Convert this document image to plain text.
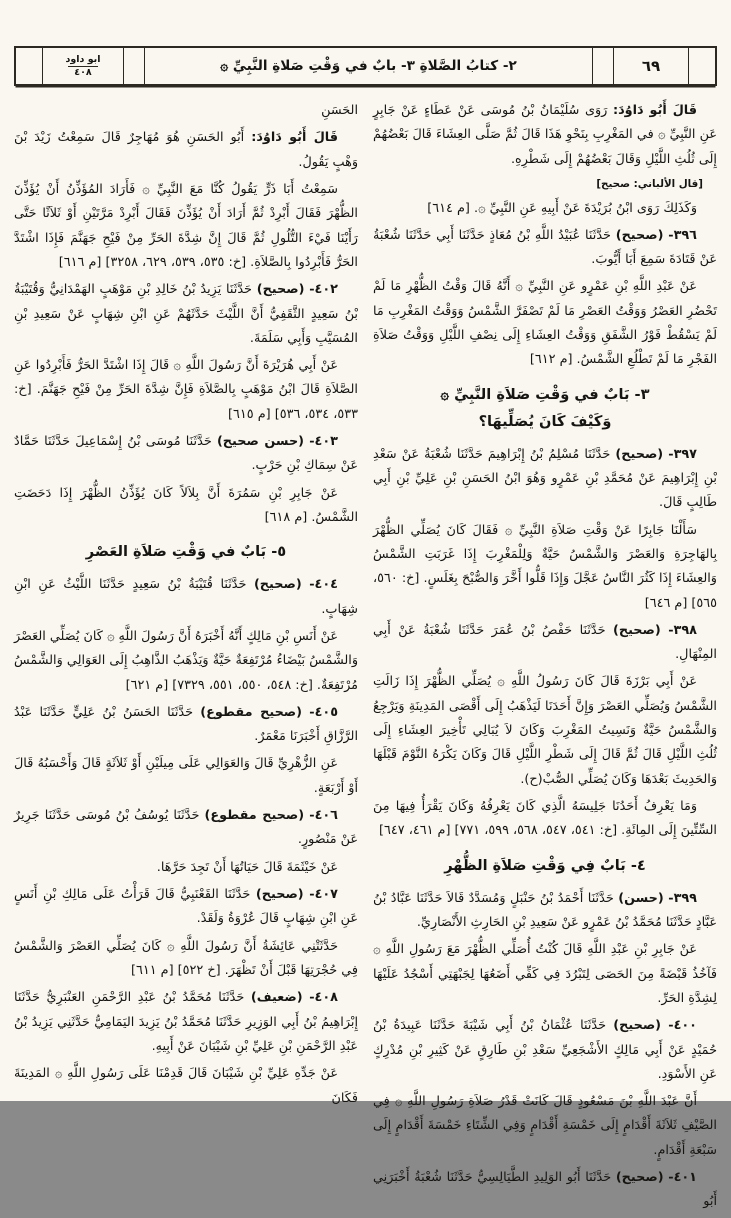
٦٩
٢- كتابُ الصَّلاةِ ٣- بابٌ في وَقْتِ صَلاةِ النَّبِيِّ ۞
ابو داود
٤٠٨

قَالَ أَبُو دَاوُدَ: رَوَى سُلَيْمَانُ بْنُ مُوسَى عَنْ عَطَاءٍ عَنْ جَابِرٍ عَنِ النَّبِيِّ ۞ في المَغْرِبِ بِنَحْوِ هَذَا قَالَ ثُمَّ صَلَّى العِشَاءَ قَالَ بَعْضُهُمْ إِلَى ثُلُثِ اللَّيْلِ وَقَالَ بَعْضُهُمْ إِلَى شَطْرِهِ.

[قال الألباني: صحيح]

وَكَذَلِكَ رَوَى ابْنُ بُرَيْدَةَ عَنْ أَبِيهِ عَنِ النَّبِيِّ ۞. [م ٦١٤]

٣٩٦- (صحيح) حَدَّثَنَا عُبَيْدُ اللَّهِ بْنُ مُعَاذٍ حَدَّثَنَا أَبِي حَدَّثَنَا شُعْبَةُ عَنْ قَتَادَةَ سَمِعَ أَبَا أَيُّوبَ.

عَنْ عَبْدِ اللَّهِ بْنِ عَمْرٍو عَنِ النَّبِيِّ ۞ أَنَّهُ قَالَ وَقْتُ الظُّهْرِ مَا لَمْ تَحْضُرِ العَصْرُ وَوَقْتُ العَصْرِ مَا لَمْ تَصْفَرَّ الشَّمْسُ وَوَقْتُ المَغْرِبِ مَا لَمْ يَسْقُطْ فَوْرُ الشَّفَقِ وَوَقْتُ العِشَاءِ إِلَى نِصْفِ اللَّيْلِ وَوَقْتُ صَلاَةِ الفَجْرِ مَا لَمْ تَطْلُعِ الشَّمْسُ. [م ٦١٢]

٣- بَابٌ في وَقْتِ صَلاَةِ النَّبِيِّ ۞
وَكَيْفَ كَانَ يُصَلِّيهَا؟

٣٩٧- (صحيح) حَدَّثَنَا مُسْلِمُ بْنُ إِبْرَاهِيمَ حَدَّثَنَا شُعْبَةُ عَنْ سَعْدِ بْنِ إِبْرَاهِيمَ عَنْ مُحَمَّدِ بْنِ عَمْرٍو وَهُوَ ابْنُ الحَسَنِ بْنِ عَلِيِّ بْنِ أَبِي طَالِبٍ قَالَ.

سَأَلْنَا جَابِرًا عَنْ وَقْتِ صَلاَةِ النَّبِيِّ ۞ فَقَالَ كَانَ يُصَلِّي الظُّهْرَ بِالهَاجِرَةِ وَالعَصْرَ وَالشَّمْسُ حَيَّةٌ وَلِلْمَغْرِبَ إِذَا غَرَبَتِ الشَّمْسُ وَالعِشَاءَ إِذَا كَثُرَ النَّاسُ عَجَّلَ وَإِذَا قَلُّوا أَخَّرَ وَالصُّبْحَ بِغَلَسٍ. [خ: ٥٦٠، ٥٦٥] [م ٦٤٦]

٣٩٨- (صحيح) حَدَّثَنَا حَفْصُ بْنُ عُمَرَ حَدَّثَنَا شُعْبَةُ عَنْ أَبِي المِنْهَالِ.

عَنْ أَبِي بَرْزَةَ قَالَ كَانَ رَسُولُ اللَّهِ ۞ يُصَلِّي الظُّهْرَ إِذَا زَالَتِ الشَّمْسُ وَيُصَلِّي العَصْرَ وَإِنَّ أَحَدَنَا لَيَذْهَبُ إِلَى أَقْصَى المَدِينَةِ وَيَرْجِعُ وَالشَّمْسُ حَيَّةٌ وَنَسِيتُ المَغْرِبَ وَكَانَ لاَ يُبَالِي تَأْخِيرَ العِشَاءِ إِلَى ثُلُثِ اللَّيْلِ قَالَ ثُمَّ قَالَ إِلَى شَطْرِ اللَّيْلِ قَالَ وَكَانَ يَكْرَهُ النَّوْمَ قَبْلَهَا وَالحَدِيثَ بَعْدَهَا وَكَانَ يُصَلِّي الصُّبْ(ح).

وَمَا يَعْرِفُ أَحَدُنَا جَلِيسَهُ الَّذِي كَانَ يَعْرِفُهُ وَكَانَ يَقْرَأُ فِيهَا مِنَ السِّتِّينَ إِلَى المِائَةِ. [خ: ٥٤١، ٥٤٧، ٥٦٨، ٥٩٩، ٧٧١] [م ٤٦١، ٦٤٧]

٤- بَابٌ فِي وَقْتِ صَلاَةِ الظُّهْرِ

٣٩٩- (حسن) حَدَّثَنَا أَحْمَدُ بْنُ حَنْبَلٍ وَمُسَدَّدٌ قَالاَ حَدَّثَنَا عَبَّادُ بْنُ عَبَّادٍ حَدَّثَنَا مُحَمَّدُ بْنُ عَمْرٍو عَنْ سَعِيدِ بْنِ الحَارِثِ الأَنْصَارِيِّ.

عَنْ جَابِرِ بْنِ عَبْدِ اللَّهِ قَالَ كُنْتُ أُصَلِّي الظُّهْرَ مَعَ رَسُولِ اللَّهِ ۞ فَآخُذُ قَبْضَةً مِنَ الحَصَى لِتَبْرُدَ فِي كَفِّي أَضَعُهَا لِجَبْهَتِي أَسْجُدُ عَلَيْهَا لِشِدَّةِ الحَرِّ.

٤٠٠- (صحيح) حَدَّثَنَا عُثْمَانُ بْنُ أَبِي شَيْبَةَ حَدَّثَنَا عَبِيدَةُ بْنُ حُمَيْدٍ عَنْ أَبِي مَالِكٍ الأَشْجَعِيِّ سَعْدِ بْنِ طَارِقٍ عَنْ كَثِيرِ بْنِ مُدْرِكٍ عَنِ الأَسْوَدِ.

أَنَّ عَبْدَ اللَّهِ بْنَ مَسْعُودٍ قَالَ كَانَتْ قَدْرُ صَلاَةِ رَسُولِ اللَّهِ ۞ فِي الصَّيْفِ ثَلاَثَةَ أَقْدَامٍ إِلَى خَمْسَةِ أَقْدَامٍ وَفِي الشِّتَاءِ خَمْسَةَ أَقْدَامٍ إِلَى سَبْعَةِ أَقْدَامٍ.

٤٠١- (صحيح) حَدَّثَنَا أَبُو الوَلِيدِ الطَّيَالِسِيُّ حَدَّثَنَا شُعْبَةُ أَخْبَرَنِي أَبُو

الحَسَنِ

قَالَ أَبُو دَاوُدَ: أَبُو الحَسَنِ هُوَ مُهَاجِرٌ قَالَ سَمِعْتُ زَيْدَ بْنَ وَهْبٍ يَقُولُ.

سَمِعْتُ أَبَا ذَرٍّ يَقُولُ كُنَّا مَعَ النَّبِيِّ ۞ فَأَرَادَ المُؤَذِّنُ أَنْ يُؤَذِّنَ الظُّهْرَ فَقَالَ أَبْرِدْ ثُمَّ أَرَادَ أَنْ يُؤَذِّنَ فَقَالَ أَبْرِدْ مَرَّتَيْنِ أَوْ ثَلاَثًا حَتَّى رَأَيْنَا فَيْءَ التُّلُولِ ثُمَّ قَالَ إِنَّ شِدَّةَ الحَرِّ مِنْ فَيْحِ جَهَنَّمَ فَإِذَا اشْتَدَّ الحَرُّ فَأَبْرِدُوا بِالصَّلاَةِ. [خ: ٥٣٥، ٥٣٩، ٦٢٩، ٣٢٥٨] [م ٦١٦]

٤٠٢- (صحيح) حَدَّثَنَا يَزِيدُ بْنُ خَالِدِ بْنِ مَوْهَبٍ الهَمْدَانِيُّ وَقُتَيْبَةُ بْنُ سَعِيدٍ الثَّقَفِيُّ أَنَّ اللَّيْثَ حَدَّثَهُمْ عَنِ ابْنِ شِهَابٍ عَنْ سَعِيدِ بْنِ المُسَيَّبِ وَأَبِي سَلَمَةَ.

عَنْ أَبِي هُرَيْرَةَ أَنَّ رَسُولَ اللَّهِ ۞ قَالَ إِذَا اشْتَدَّ الحَرُّ فَأَبْرِدُوا عَنِ الصَّلاَةِ قَالَ ابْنُ مَوْهَبٍ بِالصَّلاَةِ فَإِنَّ شِدَّةَ الحَرِّ مِنْ فَيْحِ جَهَنَّمَ. [خ: ٥٣٣، ٥٣٤، ٥٣٦] [م ٦١٥]

٤٠٣- (حسن صحيح) حَدَّثَنَا مُوسَى بْنُ إِسْمَاعِيلَ حَدَّثَنَا حَمَّادٌ عَنْ سِمَاكِ بْنِ حَرْبٍ.

عَنْ جَابِرِ بْنِ سَمُرَةَ أَنَّ بِلاَلاً كَانَ يُؤَذِّنُ الظُّهْرَ إِذَا دَحَضَتِ الشَّمْسُ. [م ٦١٨]

٥- بَابٌ في وَقْتِ صَلاَةِ العَصْرِ

٤٠٤- (صحيح) حَدَّثَنَا قُتَيْبَةُ بْنُ سَعِيدٍ حَدَّثَنَا اللَّيْثُ عَنِ ابْنِ شِهَابٍ.

عَنْ أَنَسِ بْنِ مَالِكٍ أَنَّهُ أَخْبَرَهُ أَنَّ رَسُولَ اللَّهِ ۞ كَانَ يُصَلِّي العَصْرَ وَالشَّمْسُ بَيْضَاءُ مُرْتَفِعَةٌ حَيَّةٌ وَيَذْهَبُ الذَّاهِبُ إِلَى العَوَالِي وَالشَّمْسُ مُرْتَفِعَةٌ. [خ: ٥٤٨، ٥٥٠، ٥٥١، ٧٣٢٩] [م ٦٢١]

٤٠٥- (صحيح مقطوع) حَدَّثَنَا الحَسَنُ بْنُ عَلِيٍّ حَدَّثَنَا عَبْدُ الرَّزَّاقِ أَخْبَرَنَا مَعْمَرٌ.

عَنِ الزُّهْرِيِّ قَالَ وَالعَوَالِي عَلَى مِيلَيْنِ أَوْ ثَلاَثَةٍ قَالَ وَأَحْسَبُهُ قَالَ أَوْ أَرْبَعَةٍ.

٤٠٦- (صحيح مقطوع) حَدَّثَنَا يُوسُفُ بْنُ مُوسَى حَدَّثَنَا جَرِيرٌ عَنْ مَنْصُورٍ.

عَنْ خَيْثَمَةَ قَالَ حَيَاتُهَا أَنْ تَجِدَ حَرَّهَا.

٤٠٧- (صحيح) حَدَّثَنَا القَعْنَبِيُّ قَالَ قَرَأْتُ عَلَى مَالِكِ بْنِ أَنَسٍ عَنِ ابْنِ شِهَابٍ قَالَ عُرْوَةُ وَلَقَدْ.

حَدَّثَتْنِي عَائِشَةُ أَنَّ رَسُولَ اللَّهِ ۞ كَانَ يُصَلِّي العَصْرَ وَالشَّمْسُ فِي حُجْرَتِهَا قَبْلَ أَنْ تَظْهَرَ. [خ ٥٢٢] [م ٦١١]

٤٠٨- (ضعيف) حَدَّثَنَا مُحَمَّدُ بْنُ عَبْدِ الرَّحْمَنِ العَنْبَرِيُّ حَدَّثَنَا إِبْرَاهِيمُ بْنُ أَبِي الوَزِيرِ حَدَّثَنَا مُحَمَّدُ بْنُ يَزِيدَ اليَمَامِيُّ حَدَّثَنِي يَزِيدُ بْنُ عَبْدِ الرَّحْمَنِ بْنِ عَلِيِّ بْنِ شَيْبَانَ عَنْ أَبِيهِ.

عَنْ جَدِّهِ عَلِيِّ بْنِ شَيْبَانَ قَالَ قَدِمْنَا عَلَى رَسُولِ اللَّهِ ۞ المَدِينَةَ فَكَانَ
